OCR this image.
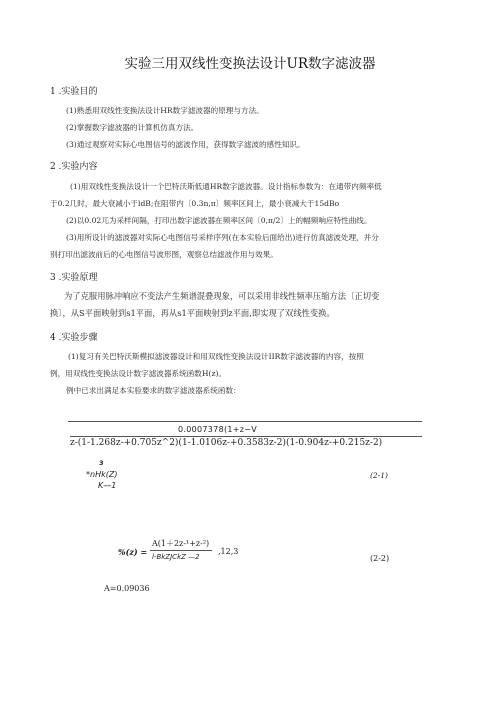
实验三用双线性变换法设计UR数字滤波器
1 .实验目的
(1)熟悉用双线性变换法设计HR数字滤波器的原理与方法。
(2)掌握数字滤波器的计算机仿真方法。
(3)通过观察对实际心电图信号的滤波作用，获得数字滤波的感性知识。
2 .实验内容
(1)用双线性变换法设计一个巴特沃斯低通HR数字滤波器。设计指标参数为：在通带内频率低
于0.2几时，最大衰减小于ldB;在阻带内〔0.3n,π〕频率区间上，最小衰减大于15dBo
(2)以0.02兀为采样间隔，打印出数字滤波器在频率区间〔0,π/2〕上的幅频响应特性曲线。
(3)用所设计的滤波器对实际心电图信号采样序列(在本实验后面给出)进行仿真滤波处理，并分
别打印出滤波前后的心电图信号波形图，观察总结滤波作用与效果。
3 .实验原理
为了克服用脉冲响应不变法产生频谱混叠现象，可以采用非线性频率压缩方法〔正切变
换〕，从S平面映射到s1平面，再从s1平面映射到z平面,即实现了双线性变换。
4 .实验步骤
(1)复习有关巴特沃斯模拟滤波器设计和用双线性变换法设计IIR数字滤波器的内容，按照
例，用双线性变换法设计数字滤波器系统函数H(z)。
例中已求出满足本实验要求的数字滤波器系统函数：
0.0007378(1+z−V
z-(1-1.268z-+0.705z^2)(1-1.0106z-+0.3583z-2)(1-0.904z-+0.215z-2)
3
*nHk(Z)
K—1
(2-1)
%(z) =
A(1＋2z-¹+z-²)
l-BkZJCkZ —2
,12,3
(2-2)
A=0.09036
